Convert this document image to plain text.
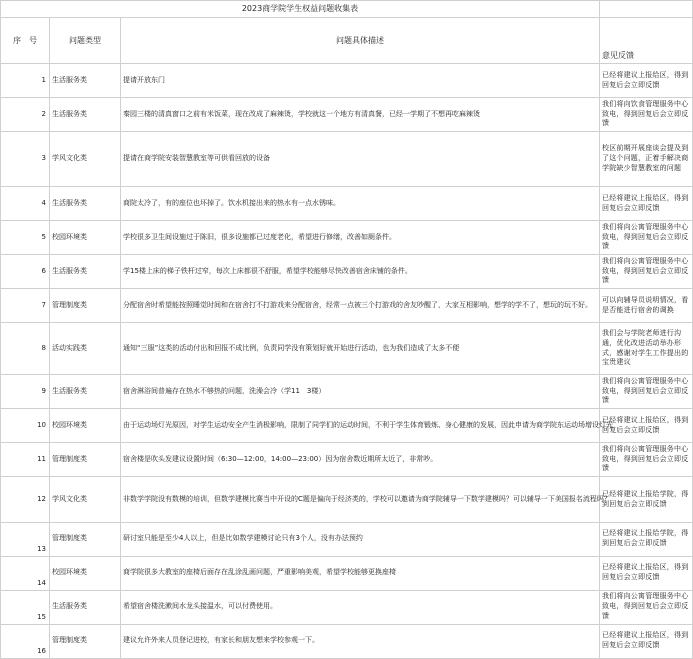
2023商学院学生权益问题收集表			
序　号	问题类型	问题具体描述	意见反馈
1	生活服务类	提请开放东门	已经将建议上报给区，得到回复后会立即反馈
2	生活服务类	秦园三楼的清真窗口之前有米饭菜，现在改成了麻辣烫，学校就这一个地方有清真餐，已经一学期了不想再吃麻辣烫	我们将向饮食管理服务中心致电，得到回复后会立即反馈
3	学风文化类	提请在商学院安装智慧教室等可供看回放的设备	校区前期开展座谈会提及到了这个问题，正着手解决商学院缺少智慧教室的问题
4	生活服务类	商院太冷了，有的座位也坏掉了。饮水机接出来的热水有一点水锈味。	已经将建议上报给区，得到回复后会立即反馈
5	校园环境类	学校很多卫生间设施过于陈旧，很多设施都已过度老化，希望进行修缮，改善如厕条件。	我们将向公寓管理服务中心致电，得到回复后会立即反馈
6	生活服务类	学15楼上床的梯子铁杆过窄，每次上床都很不舒服，希望学校能够尽快改善宿舍床铺的条件。	我们将向公寓管理服务中心致电，得到回复后会立即反馈
7	管理制度类	分配宿舍时希望能按照睡觉时间和在宿舍打不打游戏来分配宿舍，经常一点被三个打游戏的舍友吵醒了，大家互相影响，想学的学不了，想玩的玩不好。	可以向辅导员说明情况，看是否能进行宿舍的调换
8	活动实践类	通知“三服”这类的活动付出和回报不成比例，负责同学没有策划好就开始进行活动，也为我们造成了太多不便	我们会与学院老师进行沟通，优化改进活动举办形式，感谢对学生工作提出的宝贵建议
9	生活服务类	宿舍淋浴间普遍存在热水不够热的问题，洗澡会冷（学11　3楼）	我们将向公寓管理服务中心致电，得到回复后会立即反馈
10	校园环境类	由于运动场灯光原因，对学生运动安全产生消极影响，限制了同学们的运动时间，不利于学生体育锻炼、身心健康的发展，因此申请为商学院东运动场增设灯光	已经将建议上报给区，得到回复后会立即反馈
11	管理制度类	宿舍楼是吹头发建议设置时间（6:30—12:00，14:00—23:00）因为宿舍数近期所太近了，非常吵。	我们将向公寓管理服务中心致电，得到回复后会立即反馈
12	学风文化类	非数学学院没有数模的培训，但数学建模比赛当中开设的C题是偏向于经济类的，学校可以邀请为商学院辅导一下数学建模吗？可以辅导一下美国报名流程吗？	已经将建议上报给学院，得到回复后会立即反馈
13	管理制度类	研讨室只能是至少4人以上，但是比如数学建模讨论只有3个人，没有办法预约	已经将建议上报给学院，得到回复后会立即反馈
14	校园环境类	商学院很多大教室的座椅后面存在乱涂乱画问题，严重影响美观，希望学校能够更换座椅	已经将建议上报给区，得到回复后会立即反馈
15	生活服务类	希望宿舍楼洗漱间水龙头接温水，可以付费使用。	我们将向公寓管理服务中心致电，得到回复后会立即反馈
16	管理制度类	建议允许外来人员登记进校，有家长和朋友想来学校参观一下。	已经将建议上报给区，得到回复后会立即反馈
